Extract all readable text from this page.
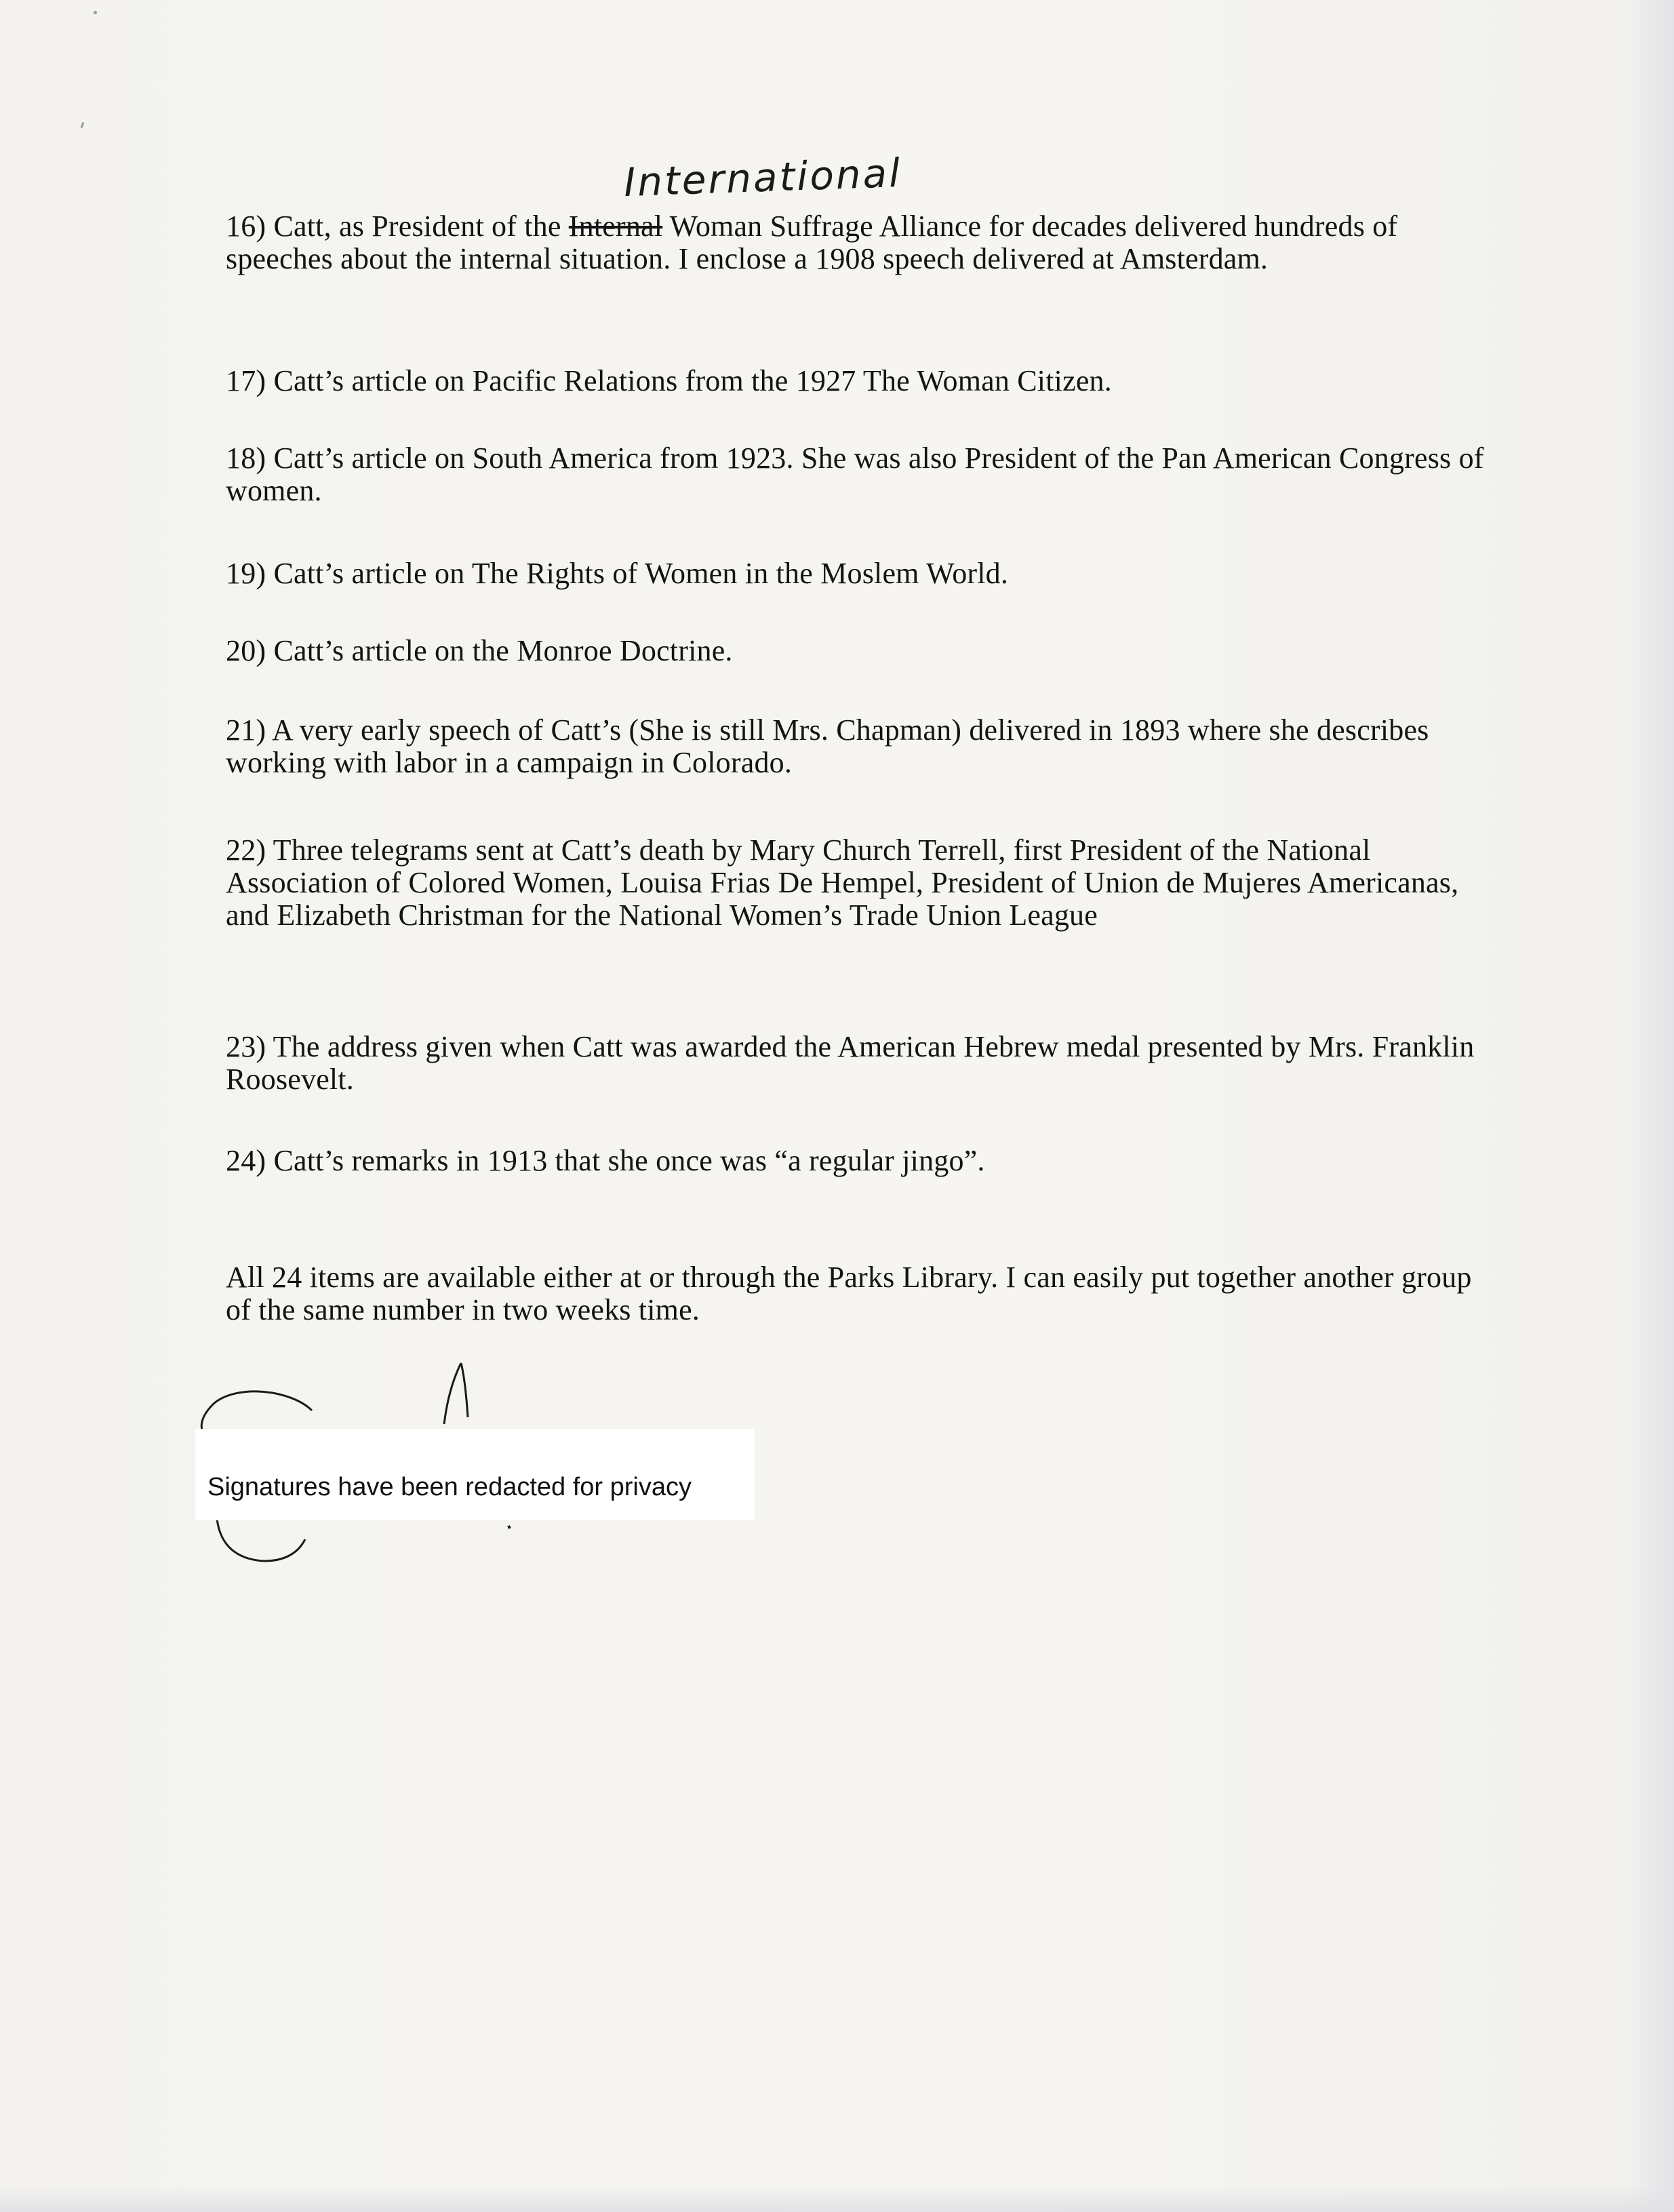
International

16) Catt, as President of the Internal Woman Suffrage Alliance for decades delivered hundreds of speeches about the internal situation. I enclose a 1908 speech delivered at Amsterdam.

17) Catt’s article on Pacific Relations from the 1927 The Woman Citizen.

18) Catt’s article on South America from 1923. She was also President of the Pan American Congress of women.

19) Catt’s article on The Rights of Women in the Moslem World.

20) Catt’s article on the Monroe Doctrine.

21) A very early speech of Catt’s (She is still Mrs. Chapman) delivered in 1893 where she describes working with labor in a campaign in Colorado.

22) Three telegrams sent at Catt’s death by Mary Church Terrell, first President of the National Association of Colored Women, Louisa Frias De Hempel, President of Union de Mujeres Americanas, and Elizabeth Christman for the National Women’s Trade Union League

23) The address given when Catt was awarded the American Hebrew medal presented by Mrs. Franklin Roosevelt.

24) Catt’s remarks in 1913 that she once was “a regular jingo”.

All 24 items are available either at or through the Parks Library. I can easily put together another group of the same number in two weeks time.

Signatures have been redacted for privacy
